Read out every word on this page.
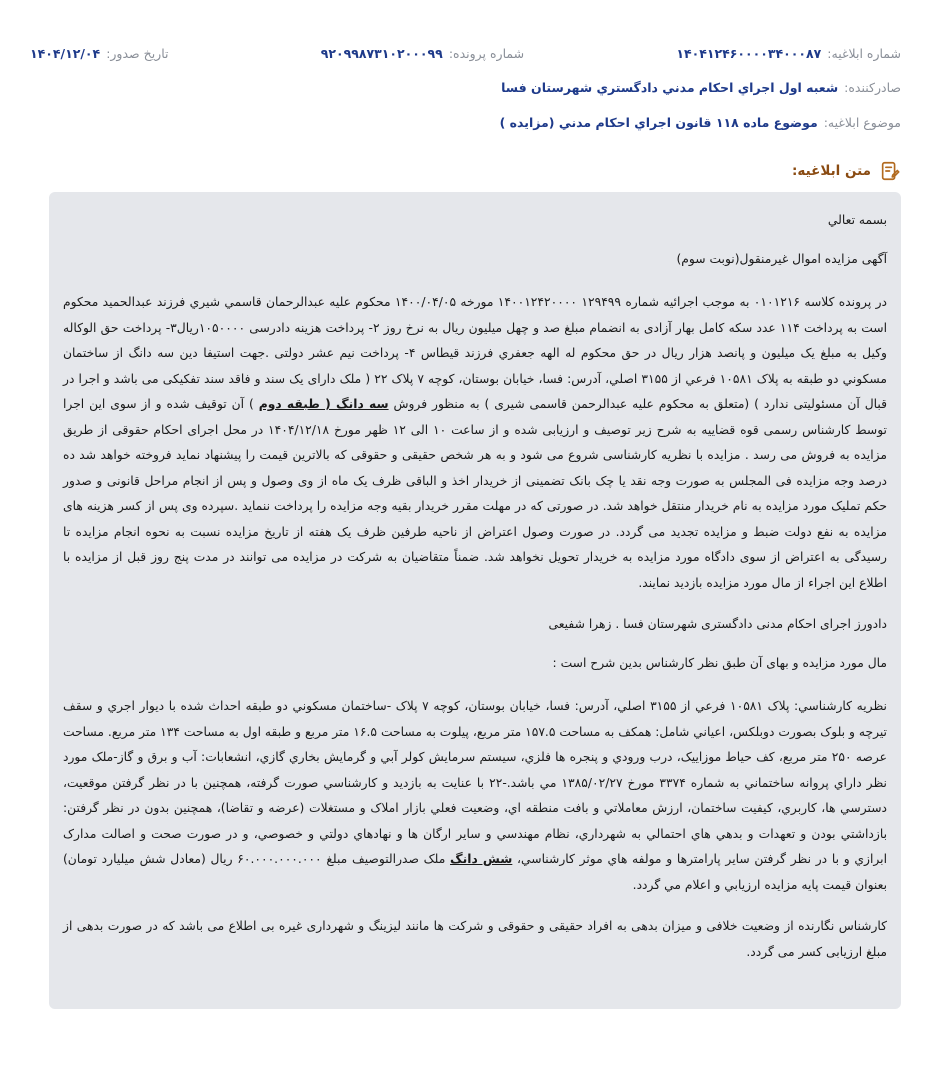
شماره ابلاغیه:
۱۴۰۴۱۲۴۶۰۰۰۰۳۴۰۰۰۸۷
شماره پرونده:
۹۲۰۹۹۸۷۳۱۰۲۰۰۰۹۹
تاریخ صدور:
۱۴۰۴/۱۲/۰۴
صادرکننده:
شعبه اول اجراي احكام مدني دادگستري شهرستان فسا
موضوع ابلاغیه:
موضوع ماده ۱۱۸ قانون اجراي احكام مدني (مزايده )
متن ابلاغیه:

بسمه تعالي

آگهی مزایده اموال غیرمنقول(نوبت سوم)

در پرونده كلاسه ۰۱۰۱۲۱۶ به موجب اجرائيه شماره ۱۲۹۴۹۹ ۱۴۰۰۱۲۴۲۰۰۰۰ مورخه ۱۴۰۰/۰۴/۰۵ محكوم عليه عبدالرحمان قاسمي شيري فرزند عبدالحميد محكوم است به پرداخت ۱۱۴ عدد سكه كامل بهار آزادی به انضمام مبلغ صد و چهل میلیون ریال به نرخ روز ۲- پرداخت هزینه دادرسی ۱۰۵۰۰۰۰ریال۳- پرداخت حق الوكاله وكيل به مبلغ يک ميليون و پانصد هزار ريال در حق محكوم له الهه جعفري فرزند قيطاس ۴- پرداخت نيم عشر دولتی .جهت استيفا دين سه دانگ از ساختمان مسكوني دو طبقه به پلاک ۱۰۵۸۱ فرعي از ۳۱۵۵ اصلي، آدرس: فسا، خيابان بوستان، كوچه ۷ پلاک ۲۲ ( ملک دارای یک سند و فاقد سند تفکیکی می باشد و اجرا در قبال آن مسئولیتی ندارد ) (متعلق به محكوم عليه عبدالرحمن قاسمی شیری ) به منظور فروش سه دانگ ( طبقه دوم ) آن توقیف شده و از سوی این اجرا توسط كارشناس رسمی قوه قضاییه به شرح زير توصيف و ارزيابی شده و از ساعت ۱۰ الی ۱۲ ظهر مورخ ۱۴۰۴/۱۲/۱۸ در محل اجرای احکام حقوقی از طریق مزايده به فروش می رسد . مزايده با نظريه كارشناسی شروع می شود و به هر شخص حقيقی و حقوقی كه بالاترين قيمت را پيشنهاد نمايد فروخته خواهد شد ده درصد وجه مزايده فی المجلس به صورت وجه نقد یا چک بانک تضمینی از خريدار اخذ و الباقی ظرف يک ماه از وی وصول و پس از انجام مراحل قانونی و صدور حکم تمليک مورد مزايده به نام خريدار منتقل خواهد شد. در صورتی كه در مهلت مقرر خريدار بقيه وجه مزايده را پرداخت ننمايد .سپرده وی پس از كسر هزينه های مزايده به نفع دولت ضبط و مزايده تجديد می گردد. در صورت وصول اعتراض از ناحيه طرفين ظرف یک هفته از تاريخ مزايده نسبت به نحوه انجام مزايده تا رسيدگی به اعتراض از سوی دادگاه مورد مزايده به خريدار تحويل نخواهد شد. ضمناً متقاضيان به شركت در مزايده می توانند در مدت پنج روز قبل از مزايده با اطلاع اين اجراء از مال مورد مزايده بازديد نمايند.

دادورز اجرای احکام مدنی دادگستری شهرستان فسا . زهرا شفیعی

مال مورد مزايده و بهای آن طبق نظر كارشناس بدين شرح است :

نظريه کارشناسي: پلاک ۱۰۵۸۱ فرعي از ۳۱۵۵ اصلي، آدرس: فسا، خيابان بوستان، كوچه ۷ پلاک -ساختمان مسكوني دو طبقه احداث شده با ديوار اجري و سقف تيرچه و بلوک بصورت دوبلكس، اعياني شامل: همكف به مساحت ۱۵۷.۵ متر مربع، پيلوت به مساحت ۱۶.۵ متر مربع و طبقه اول به مساحت ۱۳۴ متر مربع. مساحت عرصه ۲۵۰ متر مربع، كف حياط موزاييک، درب ورودي و پنجره ها فلزي، سيستم سرمايش كولر آبي و گرمايش بخاري گازي، انشعابات: آب و برق و گاز-ملک مورد نظر داراي پروانه ساختماني به شماره ۳۳۷۴ مورخ ۱۳۸۵/۰۲/۲۷ مي باشد.-۲۲ با عنايت به بازديد و كارشناسي صورت گرفته، همچنين با در نظر گرفتن موقعيت، دسترسي ها، كاربري، كيفيت ساختمان، ارزش معاملاتي و بافت منطقه اي، وضعيت فعلي بازار املاک و مستغلات (عرضه و تقاضا)، همچنين بدون در نظر گرفتن: بازداشتي بودن و تعهدات و بدهي هاي احتمالي به شهرداري، نظام مهندسي و ساير ارگان ها و نهادهاي دولتي و خصوصي، و در صورت صحت و اصالت مدارک ابرازي و با در نظر گرفتن ساير پارامترها و مولفه هاي موثر كارشناسي، شش دانگ ملک صدرالتوصيف مبلغ ۶۰.۰۰۰.۰۰۰.۰۰۰ ريال (معادل شش ميليارد تومان) بعنوان قيمت پايه مزايده ارزيابي و اعلام مي گردد.

کارشناس نگارنده از وضعیت خلافی و میزان بدهی به افراد حقیقی و حقوقی و شرکت ها مانند لیزینگ و شهرداری غیره بی اطلاع می باشد که در صورت بدهی از مبلغ ارزیابی کسر می گردد.
